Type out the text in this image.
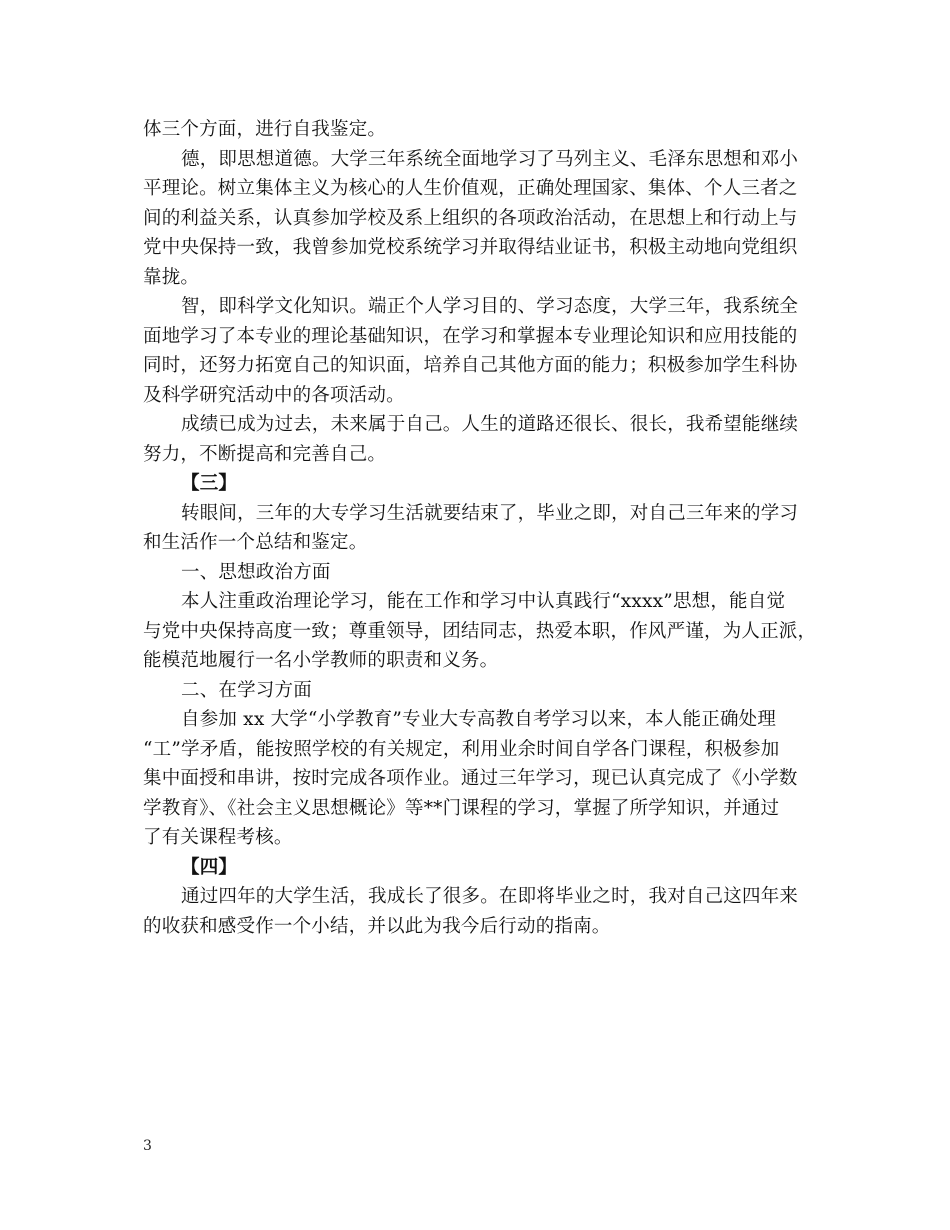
体三个方面，进行自我鉴定。
德，即思想道德。大学三年系统全面地学习了马列主义、毛泽东思想和邓小
平理论。树立集体主义为核心的人生价值观，正确处理国家、集体、个人三者之
间的利益关系，认真参加学校及系上组织的各项政治活动，在思想上和行动上与
党中央保持一致，我曾参加党校系统学习并取得结业证书，积极主动地向党组织
靠拢。
智，即科学文化知识。端正个人学习目的、学习态度，大学三年，我系统全
面地学习了本专业的理论基础知识，在学习和掌握本专业理论知识和应用技能的
同时，还努力拓宽自己的知识面，培养自己其他方面的能力；积极参加学生科协
及科学研究活动中的各项活动。
成绩已成为过去，未来属于自己。人生的道路还很长、很长，我希望能继续
努力，不断提高和完善自己。
【三】
转眼间，三年的大专学习生活就要结束了，毕业之即，对自己三年来的学习
和生活作一个总结和鉴定。
一、思想政治方面
本人注重政治理论学习，能在工作和学习中认真践行“xxxx”思想，能自觉
与党中央保持高度一致；尊重领导，团结同志，热爱本职，作风严谨，为人正派，
能模范地履行一名小学教师的职责和义务。
二、在学习方面
自参加 xx 大学“小学教育”专业大专高教自考学习以来，本人能正确处理
“工”学矛盾，能按照学校的有关规定，利用业余时间自学各门课程，积极参加
集中面授和串讲，按时完成各项作业。通过三年学习，现已认真完成了《小学数
学教育》、《社会主义思想概论》等**门课程的学习，掌握了所学知识，并通过
了有关课程考核。
【四】
通过四年的大学生活，我成长了很多。在即将毕业之时，我对自己这四年来
的收获和感受作一个小结，并以此为我今后行动的指南。
3
